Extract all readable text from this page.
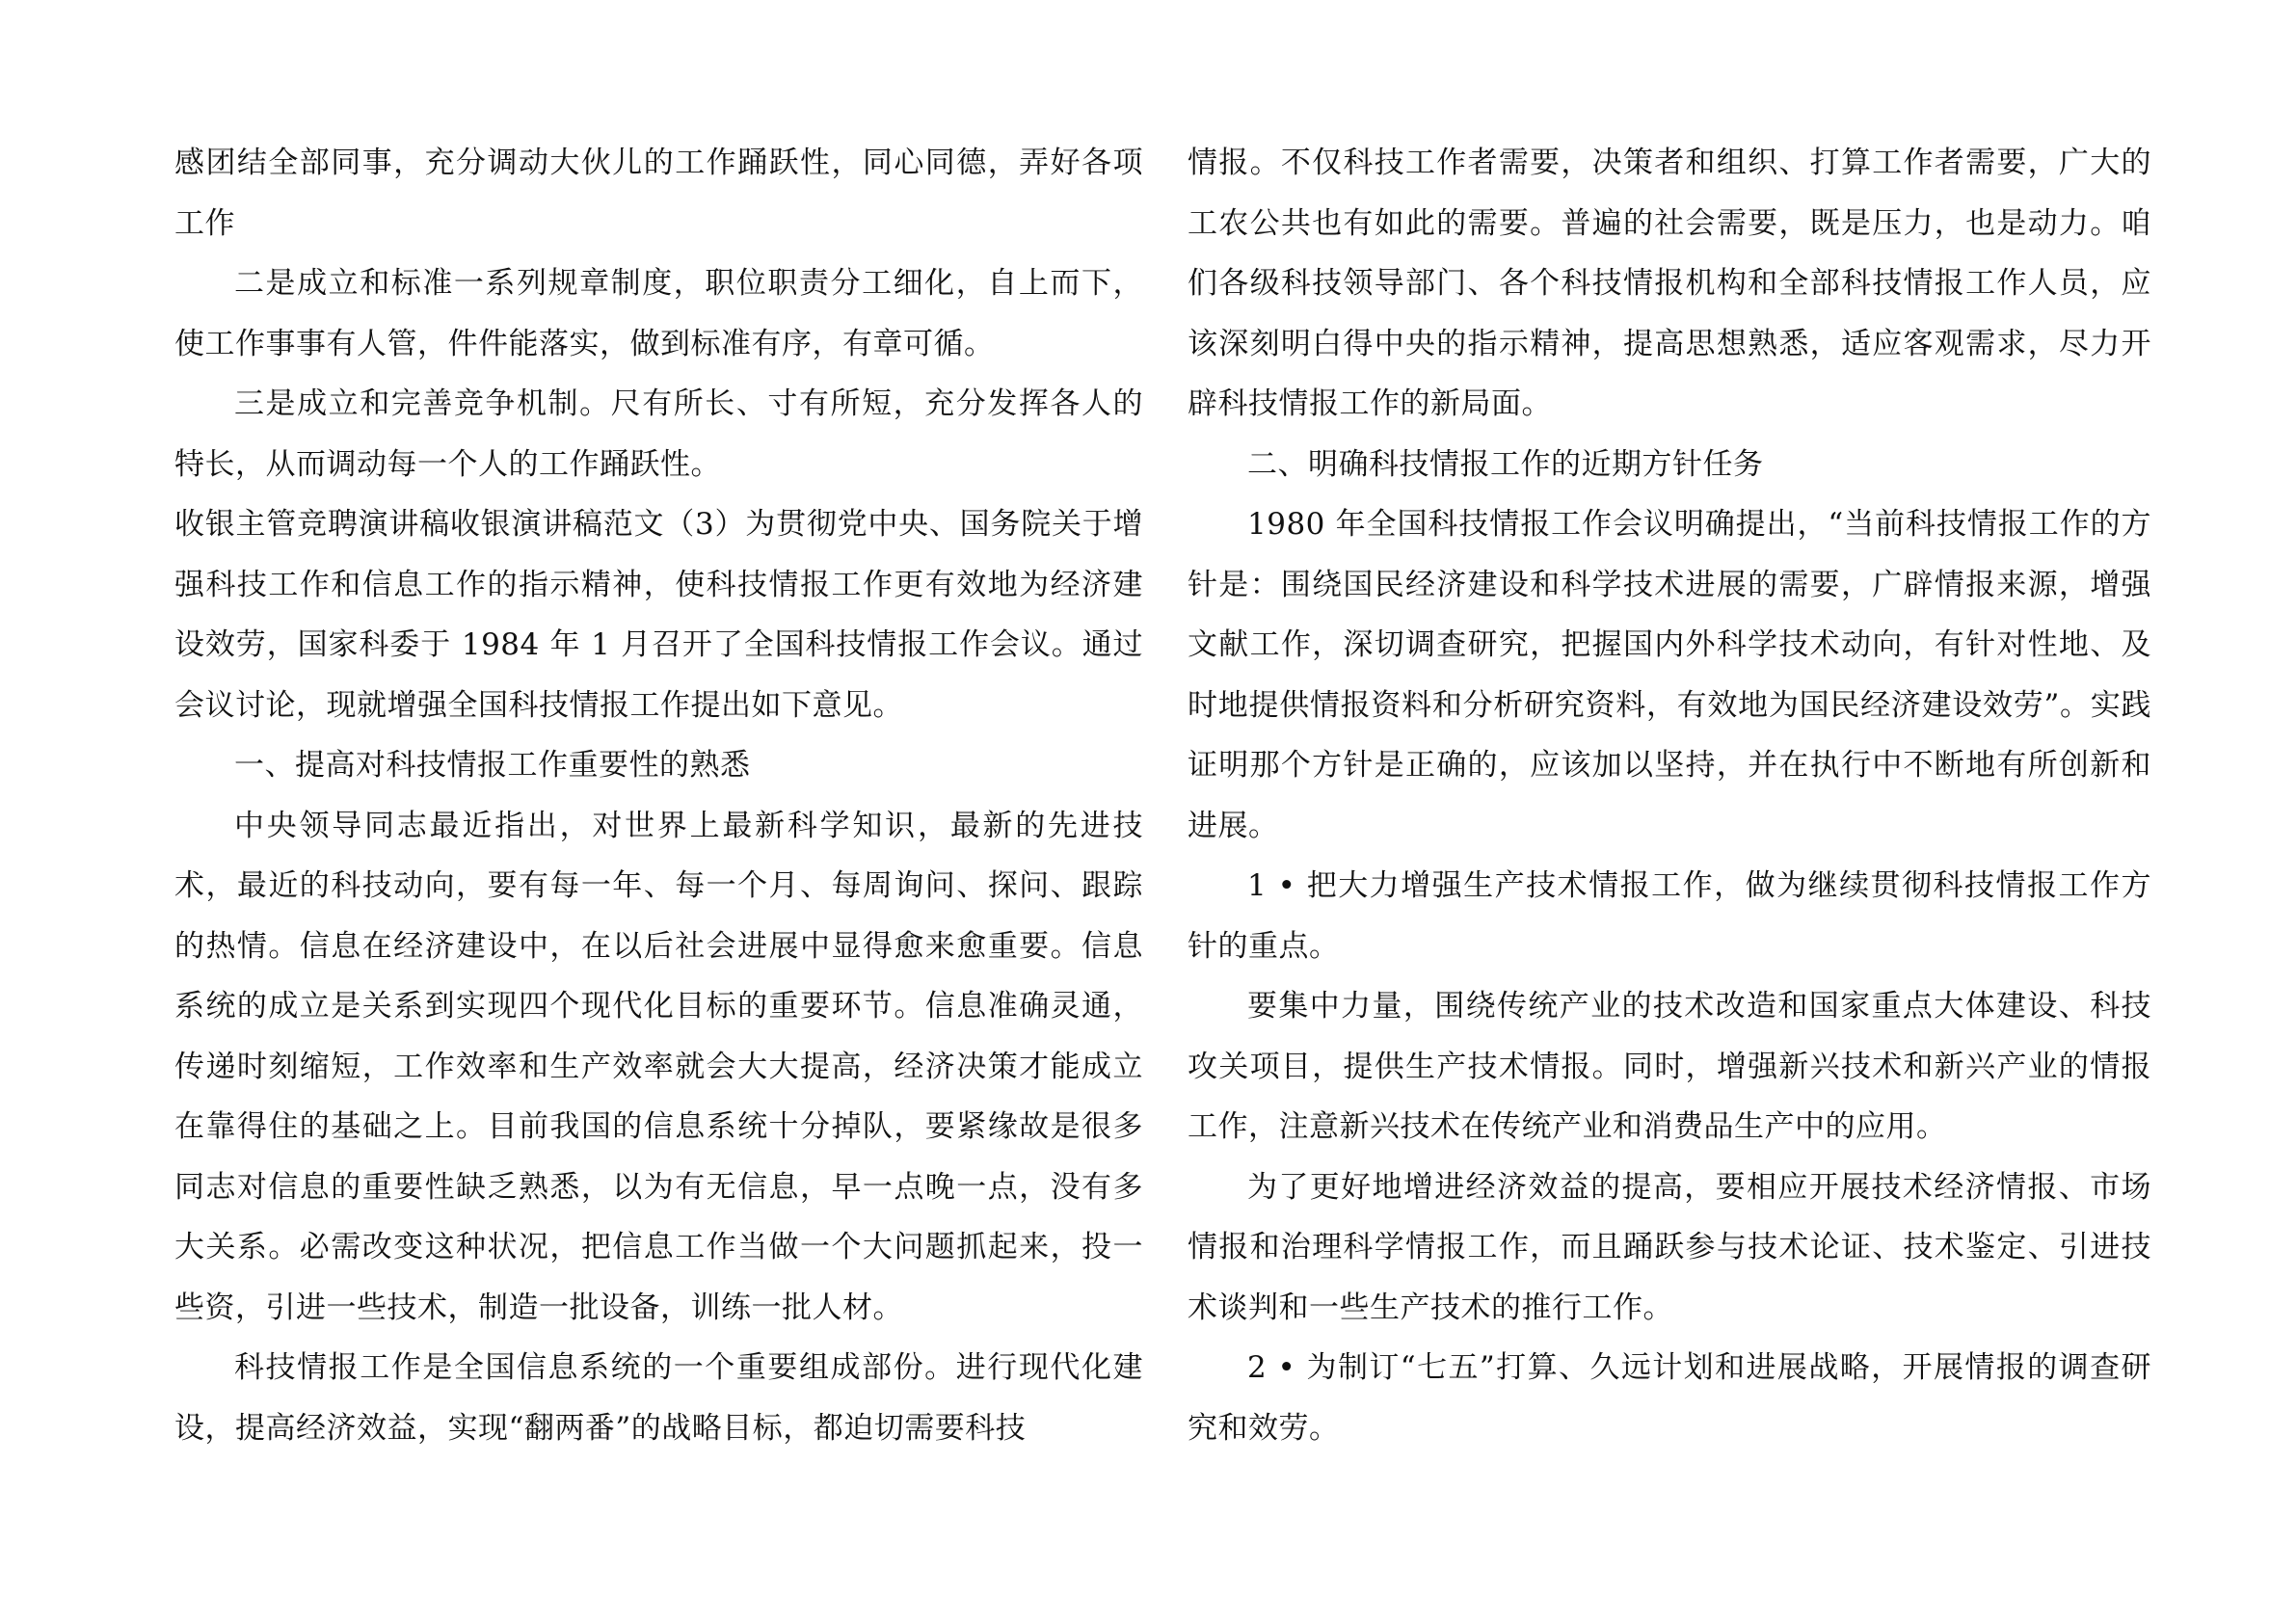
感团结全部同事，充分调动大伙儿的工作踊跃性，同心同德，弄好各项工作

二是成立和标准一系列规章制度，职位职责分工细化，自上而下，使工作事事有人管，件件能落实，做到标准有序，有章可循。

三是成立和完善竞争机制。尺有所长、寸有所短，充分发挥各人的特长，从而调动每一个人的工作踊跃性。

收银主管竞聘演讲稿收银演讲稿范文（3）为贯彻党中央、国务院关于增强科技工作和信息工作的指示精神，使科技情报工作更有效地为经济建设效劳，国家科委于 1984 年 1 月召开了全国科技情报工作会议。通过会议讨论，现就增强全国科技情报工作提出如下意见。

一、提高对科技情报工作重要性的熟悉

中央领导同志最近指出，对世界上最新科学知识，最新的先进技术，最近的科技动向，要有每一年、每一个月、每周询问、探问、跟踪的热情。信息在经济建设中，在以后社会进展中显得愈来愈重要。信息系统的成立是关系到实现四个现代化目标的重要环节。信息准确灵通，传递时刻缩短，工作效率和生产效率就会大大提高，经济决策才能成立在靠得住的基础之上。目前我国的信息系统十分掉队，要紧缘故是很多同志对信息的重要性缺乏熟悉，以为有无信息，早一点晚一点，没有多大关系。必需改变这种状况，把信息工作当做一个大问题抓起来，投一些资，引进一些技术，制造一批设备，训练一批人材。

科技情报工作是全国信息系统的一个重要组成部份。进行现代化建设，提高经济效益，实现“翻两番”的战略目标，都迫切需要科技

情报。不仅科技工作者需要，决策者和组织、打算工作者需要，广大的工农公共也有如此的需要。普遍的社会需要，既是压力，也是动力。咱们各级科技领导部门、各个科技情报机构和全部科技情报工作人员，应该深刻明白得中央的指示精神，提高思想熟悉，适应客观需求，尽力开辟科技情报工作的新局面。

二、明确科技情报工作的近期方针任务

1980 年全国科技情报工作会议明确提出，“当前科技情报工作的方针是：围绕国民经济建设和科学技术进展的需要，广辟情报来源，增强文献工作，深切调查研究，把握国内外科学技术动向，有针对性地、及时地提供情报资料和分析研究资料，有效地为国民经济建设效劳”。实践证明那个方针是正确的，应该加以坚持，并在执行中不断地有所创新和进展。

1 • 把大力增强生产技术情报工作，做为继续贯彻科技情报工作方针的重点。

要集中力量，围绕传统产业的技术改造和国家重点大体建设、科技攻关项目，提供生产技术情报。同时，增强新兴技术和新兴产业的情报工作，注意新兴技术在传统产业和消费品生产中的应用。

为了更好地增进经济效益的提高，要相应开展技术经济情报、市场情报和治理科学情报工作，而且踊跃参与技术论证、技术鉴定、引进技术谈判和一些生产技术的推行工作。

2 • 为制订“七五”打算、久远计划和进展战略，开展情报的调查研究和效劳。
